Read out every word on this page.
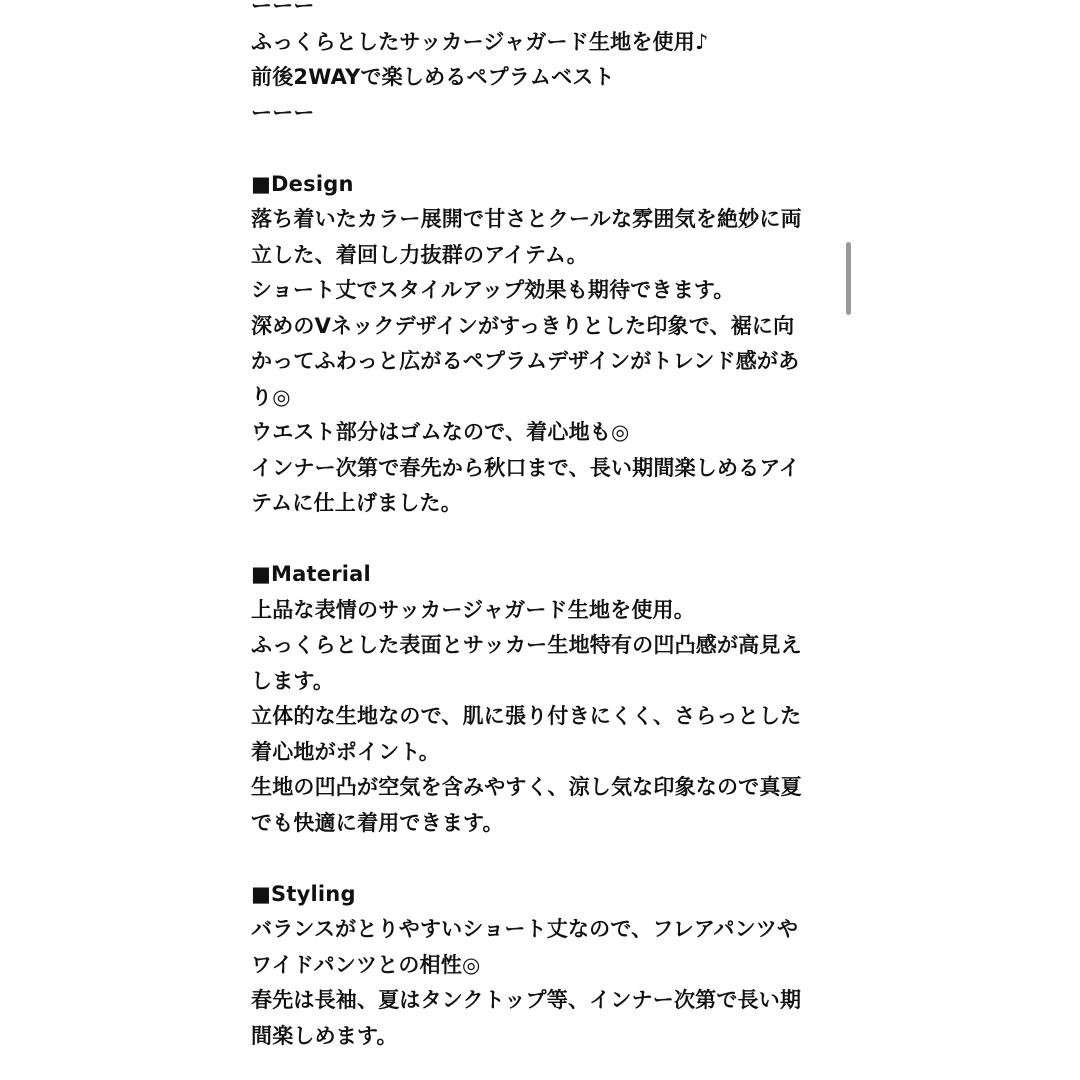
ーーー
ふっくらとしたサッカージャガード生地を使用♪
前後2WAYで楽しめるペプラムベスト
ーーー
■Design
落ち着いたカラー展開で甘さとクールな雰囲気を絶妙に両
立した、着回し力抜群のアイテム。
ショート丈でスタイルアップ効果も期待できます。
深めのVネックデザインがすっきりとした印象で、裾に向
かってふわっと広がるペプラムデザインがトレンド感があ
り◎
ウエスト部分はゴムなので、着心地も◎
インナー次第で春先から秋口まで、長い期間楽しめるアイ
テムに仕上げました。
■Material
上品な表情のサッカージャガード生地を使用。
ふっくらとした表面とサッカー生地特有の凹凸感が高見え
します。
立体的な生地なので、肌に張り付きにくく、さらっとした
着心地がポイント。
生地の凹凸が空気を含みやすく、涼し気な印象なので真夏
でも快適に着用できます。
■Styling
バランスがとりやすいショート丈なので、フレアパンツや
ワイドパンツとの相性◎
春先は長袖、夏はタンクトップ等、インナー次第で長い期
間楽しめます。
